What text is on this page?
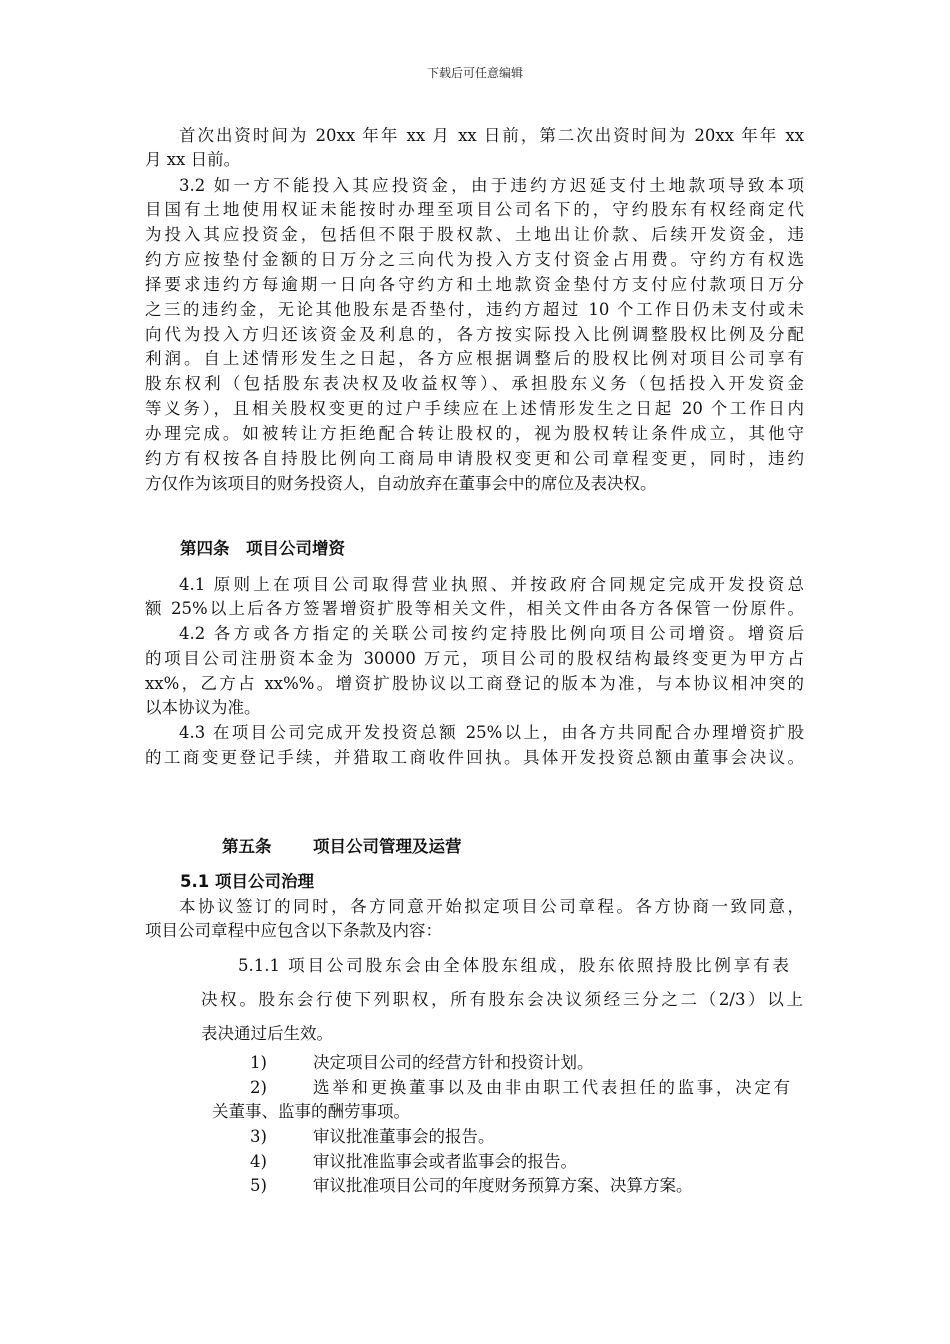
下载后可任意编辑
首次出资时间为 20xx 年年 xx 月 xx 日前，第二次出资时间为 20xx 年年 xx
月 xx 日前。
3.2 如一方不能投入其应投资金，由于违约方迟延支付土地款项导致本项
目国有土地使用权证未能按时办理至项目公司名下的，守约股东有权经商定代
为投入其应投资金，包括但不限于股权款、土地出让价款、后续开发资金，违
约方应按垫付金额的日万分之三向代为投入方支付资金占用费。守约方有权选
择要求违约方每逾期一日向各守约方和土地款资金垫付方支付应付款项日万分
之三的违约金，无论其他股东是否垫付，违约方超过 10 个工作日仍未支付或未
向代为投入方归还该资金及利息的，各方按实际投入比例调整股权比例及分配
利润。自上述情形发生之日起，各方应根据调整后的股权比例对项目公司享有
股东权利（包括股东表决权及收益权等）、承担股东义务（包括投入开发资金
等义务），且相关股权变更的过户手续应在上述情形发生之日起 20 个工作日内
办理完成。如被转让方拒绝配合转让股权的，视为股权转让条件成立，其他守
约方有权按各自持股比例向工商局申请股权变更和公司章程变更，同时，违约
方仅作为该项目的财务投资人，自动放弃在董事会中的席位及表决权。
第四条　项目公司增资
4.1 原则上在项目公司取得营业执照、并按政府合同规定完成开发投资总
额 25%以上后各方签署增资扩股等相关文件，相关文件由各方各保管一份原件。
4.2 各方或各方指定的关联公司按约定持股比例向项目公司增资。增资后
的项目公司注册资本金为 30000 万元，项目公司的股权结构最终变更为甲方占
xx%，乙方占 xx%%。增资扩股协议以工商登记的版本为准，与本协议相冲突的
以本协议为准。
4.3 在项目公司完成开发投资总额 25%以上，由各方共同配合办理增资扩股
的工商变更登记手续，并猎取工商收件回执。具体开发投资总额由董事会决议。
第五条	项目公司管理及运营
5.1 项目公司治理
本协议签订的同时，各方同意开始拟定项目公司章程。各方协商一致同意，
项目公司章程中应包含以下条款及内容：
5.1.1 项目公司股东会由全体股东组成，股东依照持股比例享有表
决权。股东会行使下列职权，所有股东会决议须经三分之二（2/3）以上
表决通过后生效。
1)	决定项目公司的经营方针和投资计划。
2)	选举和更换董事以及由非由职工代表担任的监事，决定有
关董事、监事的酬劳事项。
3)	审议批准董事会的报告。
4)	审议批准监事会或者监事会的报告。
5)	审议批准项目公司的年度财务预算方案、决算方案。
